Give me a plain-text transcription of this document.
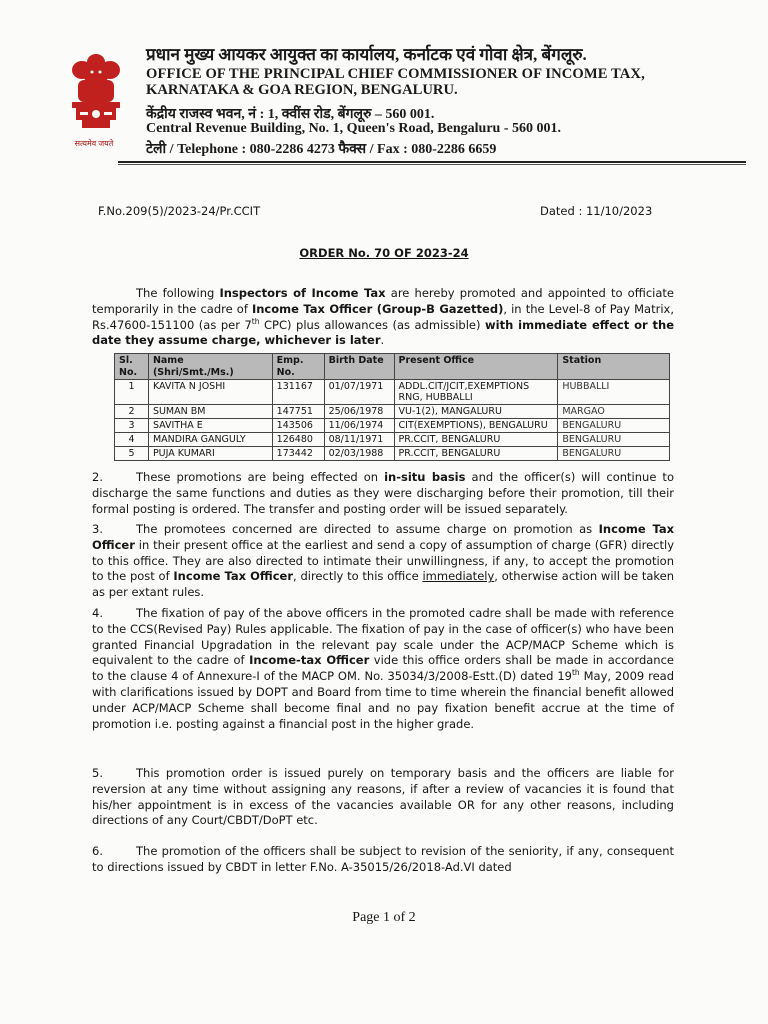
सत्यमेव जयते
प्रधान मुख्य आयकर आयुक्त का कार्यालय, कर्नाटक एवं गोवा क्षेत्र, बेंगलूरु.
OFFICE OF THE PRINCIPAL CHIEF COMMISSIONER OF INCOME TAX,
KARNATAKA & GOA REGION, BENGALURU.
केंद्रीय राजस्व भवन, नं : 1, क्वींस रोड, बेंगलूरु – 560 001.
Central Revenue Building, No. 1, Queen's Road, Bengaluru - 560 001.
टेली / Telephone : 080-2286 4273 फैक्स / Fax : 080-2286 6659
F.No.209(5)/2023-24/Pr.CCIT	Dated : 11/10/2023
ORDER No. 70 OF 2023-24
The following Inspectors of Income Tax are hereby promoted and appointed to officiate temporarily in the cadre of Income Tax Officer (Group-B Gazetted), in the Level-8 of Pay Matrix, Rs.47600-151100 (as per 7th CPC) plus allowances (as admissible) with immediate effect or the date they assume charge, whichever is later.
Sl. No.	Name (Shri/Smt./Ms.)	Emp. No.	Birth Date	Present Office	Station
1	KAVITA N JOSHI	131167	01/07/1971	ADDL.CIT/JCIT,EXEMPTIONS RNG, HUBBALLI	HUBBALLI
2	SUMAN BM	147751	25/06/1978	VU-1(2), MANGALURU	MARGAO
3	SAVITHA E	143506	11/06/1974	CIT(EXEMPTIONS), BENGALURU	BENGALURU
4	MANDIRA GANGULY	126480	08/11/1971	PR.CCIT, BENGALURU	BENGALURU
5	PUJA KUMARI	173442	02/03/1988	PR.CCIT, BENGALURU	BENGALURU
2.	These promotions are being effected on in-situ basis and the officer(s) will continue to discharge the same functions and duties as they were discharging before their promotion, till their formal posting is ordered. The transfer and posting order will be issued separately.
3.	The promotees concerned are directed to assume charge on promotion as Income Tax Officer in their present office at the earliest and send a copy of assumption of charge (GFR) directly to this office. They are also directed to intimate their unwillingness, if any, to accept the promotion to the post of Income Tax Officer, directly to this office immediately, otherwise action will be taken as per extant rules.
4.	The fixation of pay of the above officers in the promoted cadre shall be made with reference to the CCS(Revised Pay) Rules applicable. The fixation of pay in the case of officer(s) who have been granted Financial Upgradation in the relevant pay scale under the ACP/MACP Scheme which is equivalent to the cadre of Income-tax Officer vide this office orders shall be made in accordance to the clause 4 of Annexure-I of the MACP OM. No. 35034/3/2008-Estt.(D) dated 19th May, 2009 read with clarifications issued by DOPT and Board from time to time wherein the financial benefit allowed under ACP/MACP Scheme shall become final and no pay fixation benefit accrue at the time of promotion i.e. posting against a financial post in the higher grade.
5.	This promotion order is issued purely on temporary basis and the officers are liable for reversion at any time without assigning any reasons, if after a review of vacancies it is found that his/her appointment is in excess of the vacancies available OR for any other reasons, including directions of any Court/CBDT/DoPT etc.
6.	The promotion of the officers shall be subject to revision of the seniority, if any, consequent to directions issued by CBDT in letter F.No. A-35015/26/2018-Ad.VI dated
Page 1 of 2
